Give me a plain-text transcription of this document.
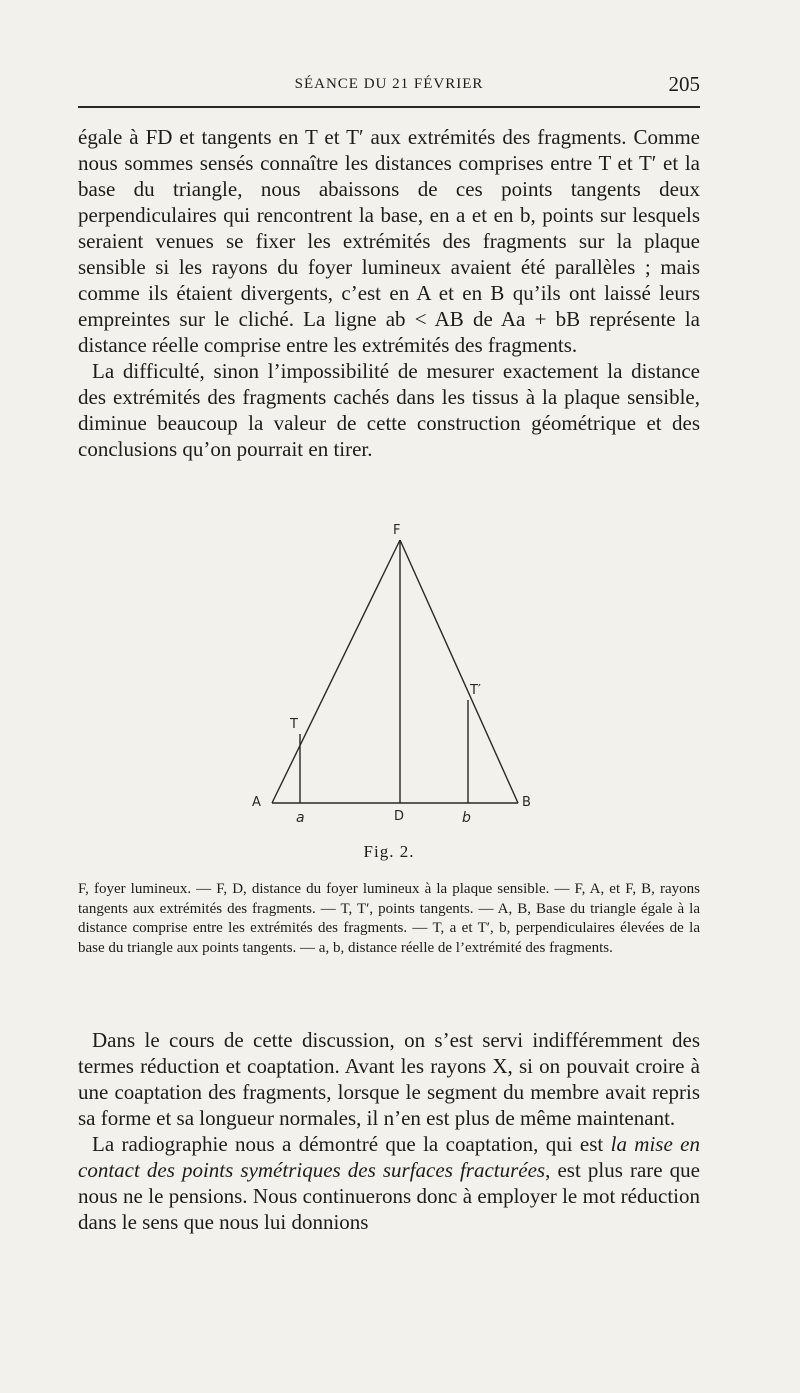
SÉANCE DU 21 FÉVRIER	205

égale à FD et tangents en T et T′ aux extrémités des fragments. Comme nous sommes sensés connaître les distances comprises entre T et T′ et la base du triangle, nous abaissons de ces points tangents deux perpendiculaires qui rencontrent la base, en a et en b, points sur lesquels seraient venues se fixer les extrémités des fragments sur la plaque sensible si les rayons du foyer lumineux avaient été parallèles ; mais comme ils étaient divergents, c’est en A et en B qu’ils ont laissé leurs empreintes sur le cliché. La ligne ab < AB de Aa + bB représente la distance réelle comprise entre les extrémités des fragments.

La difficulté, sinon l’impossibilité de mesurer exactement la distance des extrémités des fragments cachés dans les tissus à la plaque sensible, diminue beaucoup la valeur de cette construction géométrique et des conclusions qu’on pourrait en tirer.

F
T
T′
A	B
D
a	b
Fig. 2.
F, foyer lumineux. — F, D, distance du foyer lumineux à la plaque sensible. — F, A, et F, B, rayons tangents aux extrémités des fragments. — T, T′, points tangents. — A, B, Base du triangle égale à la distance comprise entre les extrémités des fragments. — T, a et T′, b, perpendiculaires élevées de la base du triangle aux points tangents. — a, b, distance réelle de l’extrémité des fragments.

Dans le cours de cette discussion, on s’est servi indifféremment des termes réduction et coaptation. Avant les rayons X, si on pouvait croire à une coaptation des fragments, lorsque le segment du membre avait repris sa forme et sa longueur normales, il n’en est plus de même maintenant.

La radiographie nous a démontré que la coaptation, qui est la mise en contact des points symétriques des surfaces fracturées, est plus rare que nous ne le pensions. Nous continuerons donc à employer le mot réduction dans le sens que nous lui donnions
